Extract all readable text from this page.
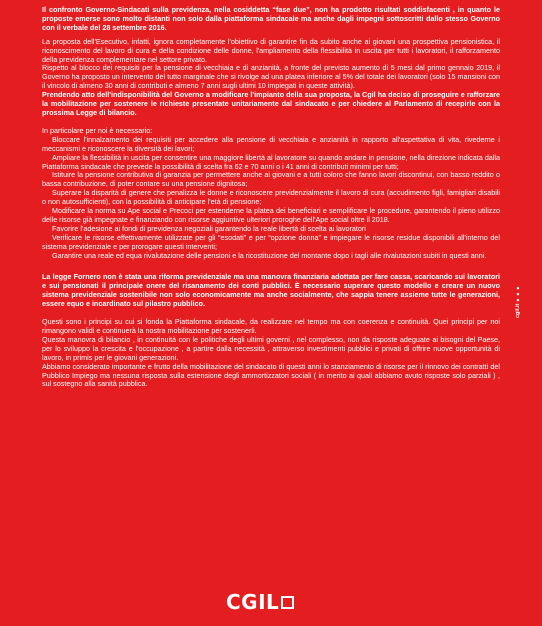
Il confronto Governo-Sindacati sulla previdenza, nella cosiddetta “fase due”, non ha prodotto risultati soddisfacenti , in quanto le proposte emerse sono molto distanti non solo dalla piattaforma sindacale ma anche dagli impegni sottoscritti dallo stesso Governo con il verbale del 28 settembre 2016.

La proposta dell'Esecutivo, infatti, ignora completamente l'obiettivo di garantire fin da subito anche ai giovani una prospettiva pensionistica, il riconoscimento del lavoro di cura e della condizione delle donne, l'ampliamento della flessibilità in uscita per tutti i lavoratori, il rafforzamento della previdenza complementare nel settore privato.

Rispetto al blocco dei requisiti per la pensione di vecchiaia e di anzianità, a fronte del previsto aumento di 5 mesi dal primo gennaio 2019, il Governo ha proposto un intervento del tutto marginale che si rivolge ad una platea inferiore al 5% del totale dei lavoratori (solo 15 mansioni con il vincolo di almeno 30 anni di contributi e almeno 7 anni sugli ultimi 10 impiegati in queste attività).

Prendendo atto dell'indisponibilità del Governo a modificare l'impianto della sua proposta, la Cgil ha deciso di proseguire e rafforzare la mobilitazione per sostenere le richieste presentate unitariamente dal sindacato e per chiedere al Parlamento di recepirle con la prossima Legge di bilancio.

In particolare per noi è necessario:

Bloccare l'innalzamento dei requisiti per accedere alla pensione di vecchiaia e anzianità in rapporto all'aspettativa di vita, rivederne i meccanismi e riconoscere la diversità dei lavori;

Ampliare la flessibilità in uscita per consentire una maggiore libertà al lavoratore su quando andare in pensione, nella direzione indicata dalla Piattaforma sindacale che prevede la possibilità di scelta fra 62 e 70 anni o i 41 anni di contributi minimi per tutti;

Istituire la pensione contributiva di garanzia per permettere anche ai giovani e a tutti coloro che fanno lavori discontinui, con basso reddito o bassa contribuzione, di poter contare su una pensione dignitosa;

Superare la disparità di genere che penalizza le donne e riconoscere previdenzialmente il lavoro di cura (accudimento figli, famigliari disabili o non autosufficienti), con la possibilità di anticipare l'età di pensione;

Modificare la norma su Ape social e Precoci per estenderne la platea dei beneficiari e semplificare le procedure, garantendo il pieno utilizzo delle risorse già impegnate e finanziando con risorse aggiuntive ulteriori proroghe dell'Ape social oltre il 2018.

Favorire l'adesione ai fondi di previdenza negoziali garantendo la reale libertà di scelta ai lavoratori

Verificare le risorse effettivamente utilizzate per gli “esodati” e per “opzione donna” e impiegare le risorse residue disponibili all'interno del sistema previdenziale e per prorogare questi interventi;

Garantire una reale ed equa rivalutazione delle pensioni e la ricostituzione del montante dopo i tagli alle rivalutazioni subiti in questi anni.

La legge Fornero non è stata una riforma previdenziale ma una manovra finanziaria adottata per fare cassa, scaricando sui lavoratori e sui pensionati il principale onere del risanamento dei conti pubblici. È necessario superare questo modello e creare un nuovo sistema previdenziale sostenibile non solo economicamente ma anche socialmente, che sappia tenere assieme tutte le generazioni, essere equo e incardinato sul pilastro pubblico.

Questi sono i principi su cui si fonda la Piattaforma sindacale, da realizzare nel tempo ma con coerenza e continuità. Quei principi per noi rimangono validi e continuerà la nostra mobilitazione per sostenerli.

Questa manovra di bilancio , in continuità con le politiche degli ultimi governi , nel complesso, non da risposte adeguate ai bisogni del Paese, per lo sviluppo la crescita e l'occupazione , a partire dalla necessità , attraverso investimenti pubblici e privati di offrire nuove opportunità di lavoro, in primis per le giovani generazioni.

Abbiamo considerato importante e frutto della mobilitazione del sindacato di questi anni lo stanziamento di risorse per il rinnovo dei contratti del Pubblico Impiego ma nessuna risposta sulla estensione degli ammortizzatori sociali ( in merito ai quali abbiamo avuto risposte solo parziali ) , sul sostegno alla sanità pubblica.

cgil.it
●●●
CGIL
